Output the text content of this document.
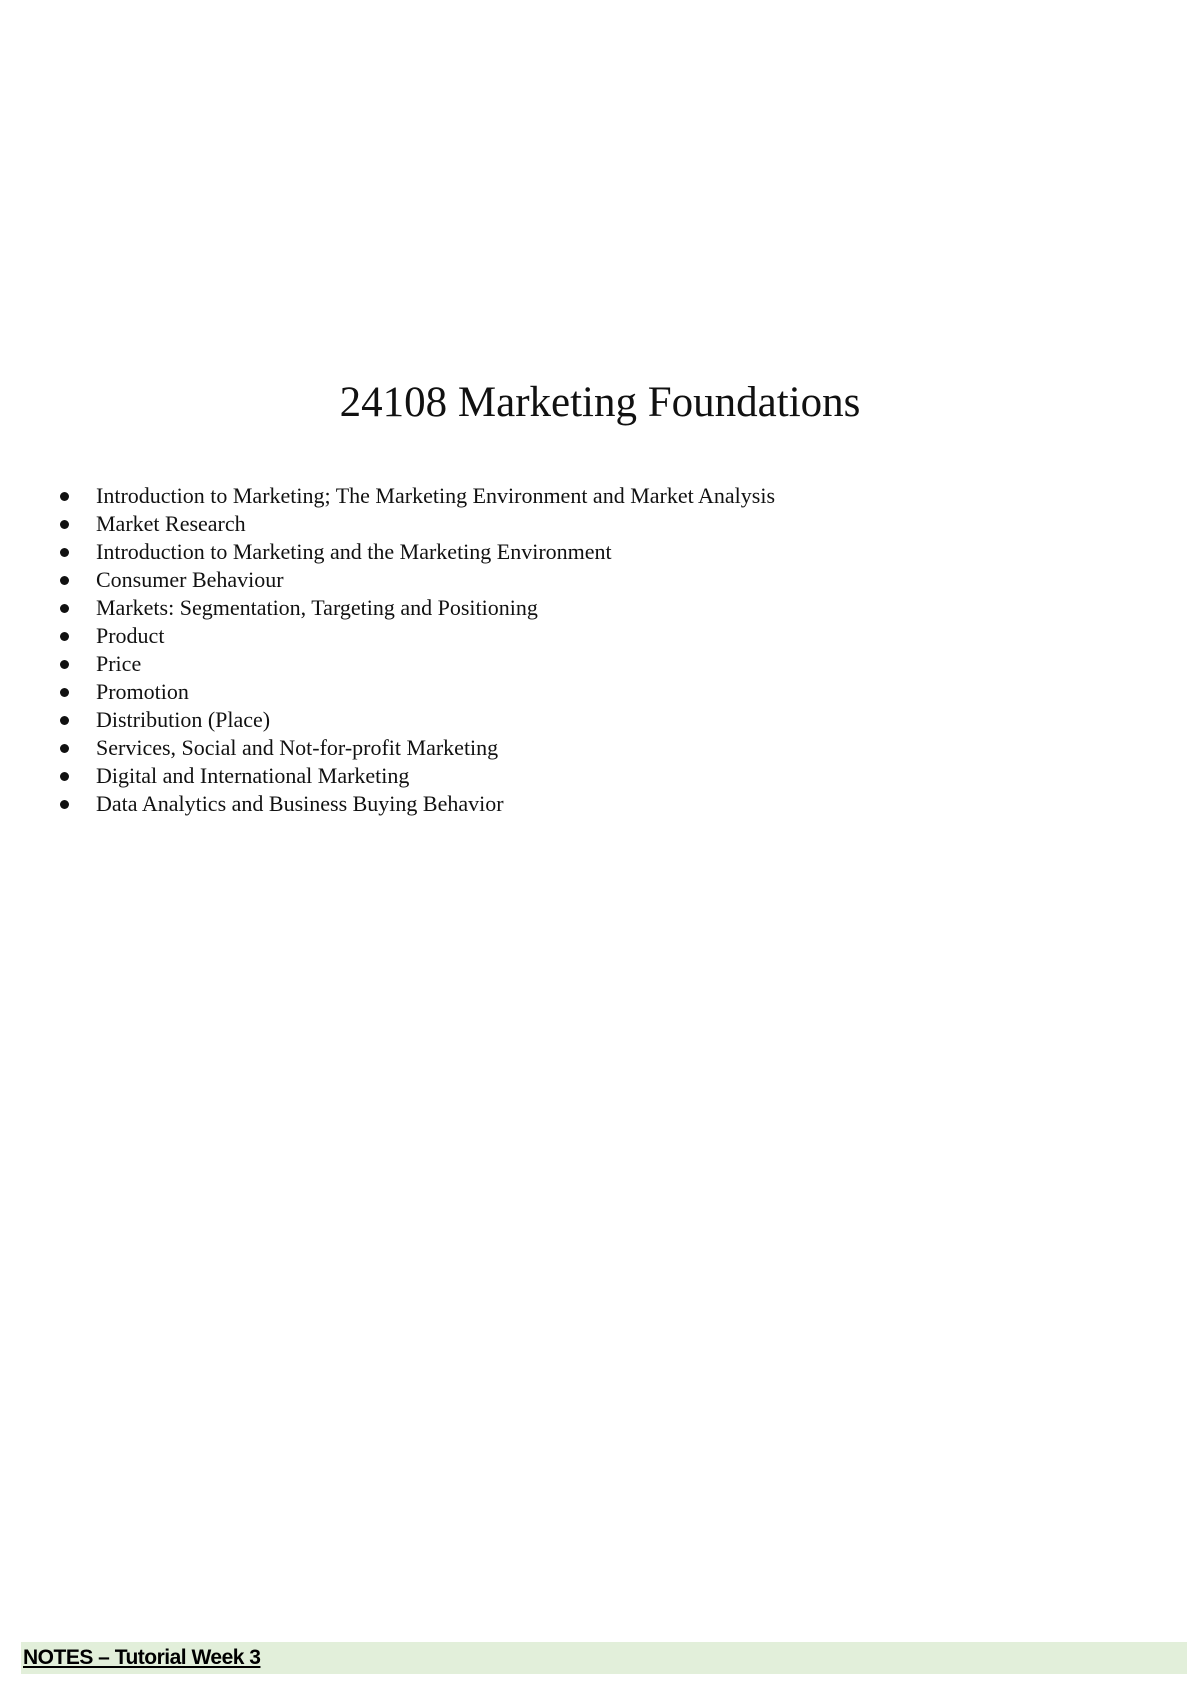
24108 Marketing Foundations
Introduction to Marketing; The Marketing Environment and Market Analysis
Market Research
Introduction to Marketing and the Marketing Environment
Consumer Behaviour
Markets: Segmentation, Targeting and Positioning
Product
Price
Promotion
Distribution (Place)
Services, Social and Not-for-profit Marketing
Digital and International Marketing
Data Analytics and Business Buying Behavior
NOTES – Tutorial Week 3
